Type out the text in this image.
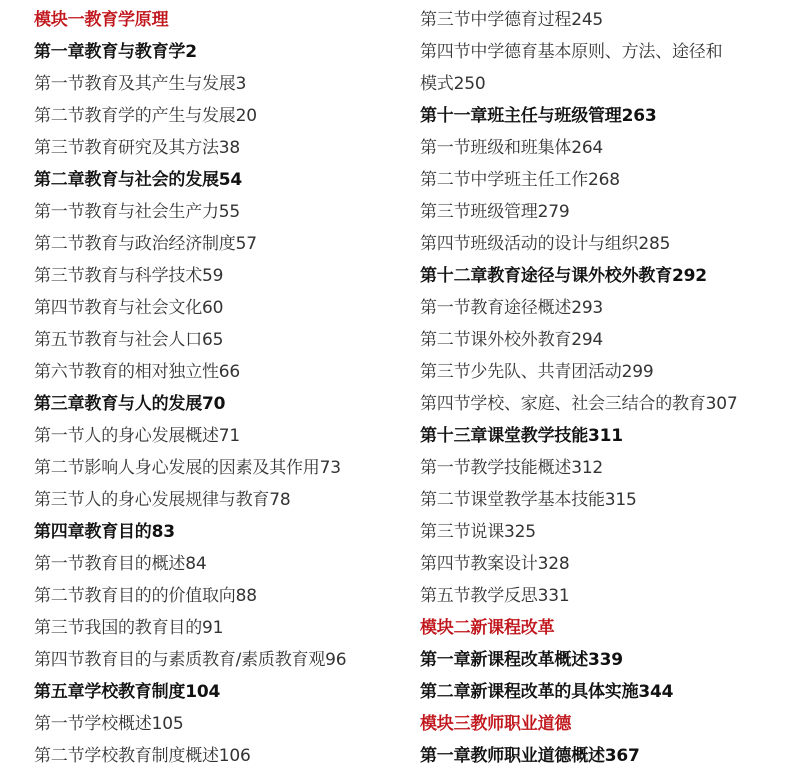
模块一教育学原理
第一章教育与教育学2
第一节教育及其产生与发展3
第二节教育学的产生与发展20
第三节教育研究及其方法38
第二章教育与社会的发展54
第一节教育与社会生产力55
第二节教育与政治经济制度57
第三节教育与科学技术59
第四节教育与社会文化60
第五节教育与社会人口65
第六节教育的相对独立性66
第三章教育与人的发展70
第一节人的身心发展概述71
第二节影响人身心发展的因素及其作用73
第三节人的身心发展规律与教育78
第四章教育目的83
第一节教育目的概述84
第二节教育目的的价值取向88
第三节我国的教育目的91
第四节教育目的与素质教育/素质教育观96
第五章学校教育制度104
第一节学校概述105
第二节学校教育制度概述106
第三节中学德育过程245
第四节中学德育基本原则、方法、途径和
模式250
第十一章班主任与班级管理263
第一节班级和班集体264
第二节中学班主任工作268
第三节班级管理279
第四节班级活动的设计与组织285
第十二章教育途径与课外校外教育292
第一节教育途径概述293
第二节课外校外教育294
第三节少先队、共青团活动299
第四节学校、家庭、社会三结合的教育307
第十三章课堂教学技能311
第一节教学技能概述312
第二节课堂教学基本技能315
第三节说课325
第四节教案设计328
第五节教学反思331
模块二新课程改革
第一章新课程改革概述339
第二章新课程改革的具体实施344
模块三教师职业道德
第一章教师职业道德概述367
